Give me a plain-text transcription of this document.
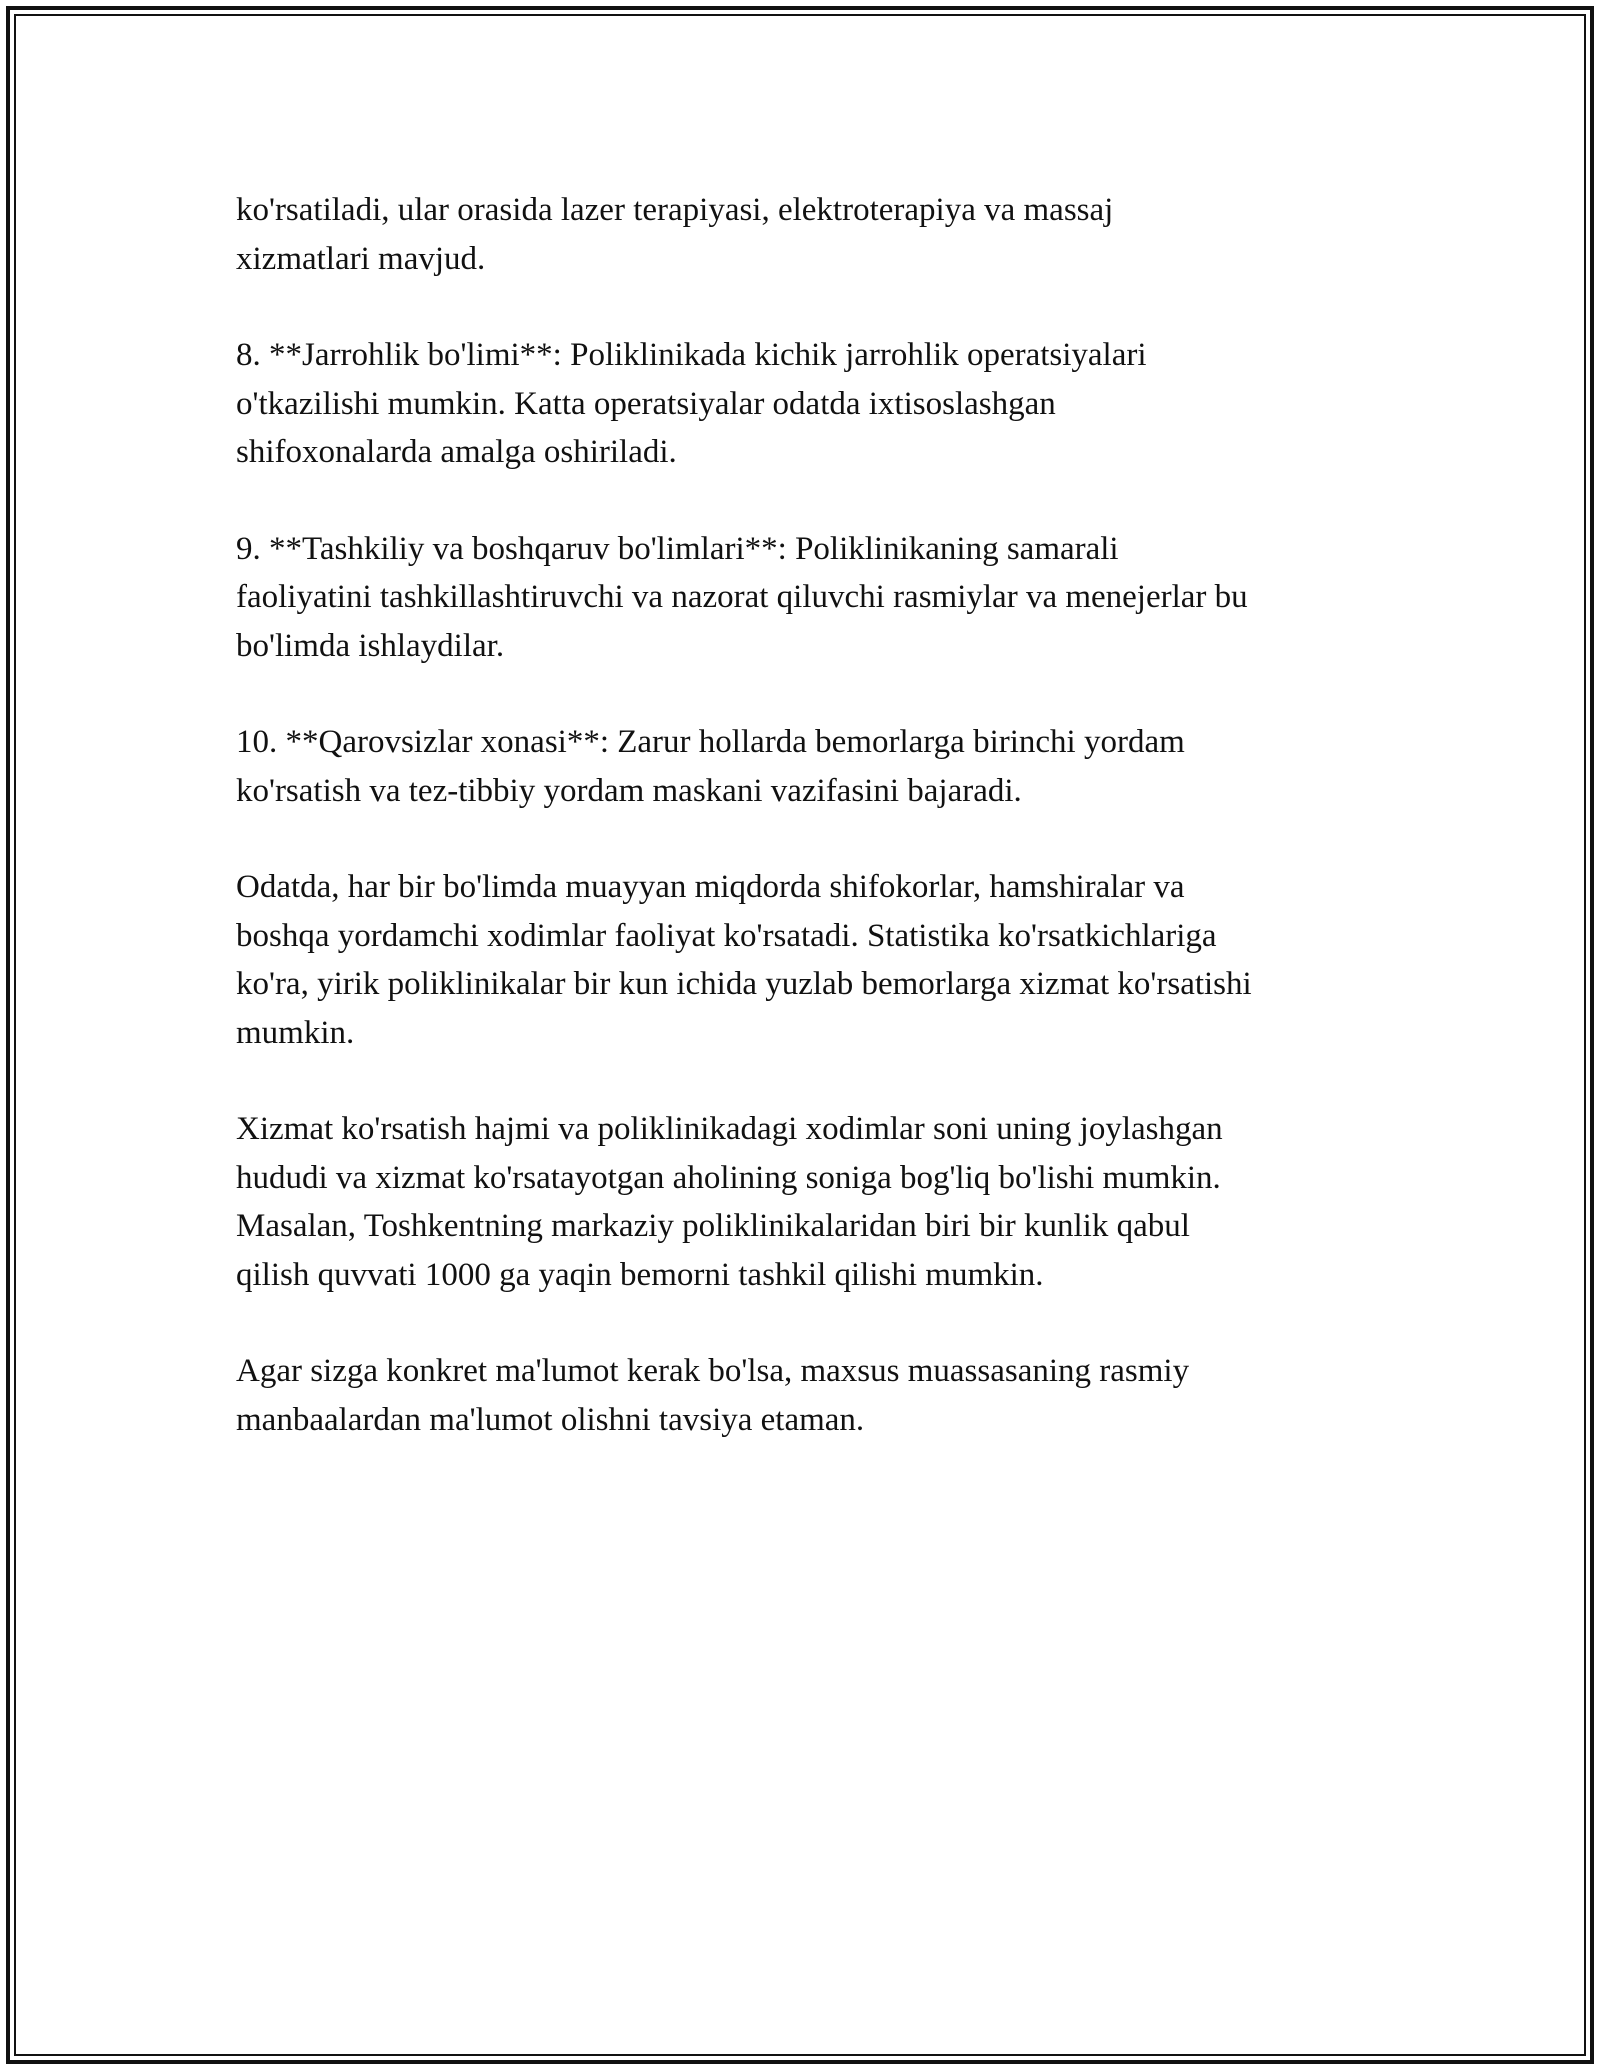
ko'rsatiladi, ular orasida lazer terapiyasi, elektroterapiya va massaj
xizmatlari mavjud.

8. **Jarrohlik bo'limi**: Poliklinikada kichik jarrohlik operatsiyalari
o'tkazilishi mumkin. Katta operatsiyalar odatda ixtisoslashgan
shifoxonalarda amalga oshiriladi.

9. **Tashkiliy va boshqaruv bo'limlari**: Poliklinikaning samarali
faoliyatini tashkillashtiruvchi va nazorat qiluvchi rasmiylar va menejerlar bu
bo'limda ishlaydilar.

10. **Qarovsizlar xonasi**: Zarur hollarda bemorlarga birinchi yordam
ko'rsatish va tez-tibbiy yordam maskani vazifasini bajaradi.

Odatda, har bir bo'limda muayyan miqdorda shifokorlar, hamshiralar va
boshqa yordamchi xodimlar faoliyat ko'rsatadi. Statistika ko'rsatkichlariga
ko'ra, yirik poliklinikalar bir kun ichida yuzlab bemorlarga xizmat ko'rsatishi
mumkin.

Xizmat ko'rsatish hajmi va poliklinikadagi xodimlar soni uning joylashgan
hududi va xizmat ko'rsatayotgan aholining soniga bog'liq bo'lishi mumkin.
Masalan, Toshkentning markaziy poliklinikalaridan biri bir kunlik qabul
qilish quvvati 1000 ga yaqin bemorni tashkil qilishi mumkin.

Agar sizga konkret ma'lumot kerak bo'lsa, maxsus muassasaning rasmiy
manbaalardan ma'lumot olishni tavsiya etaman.
